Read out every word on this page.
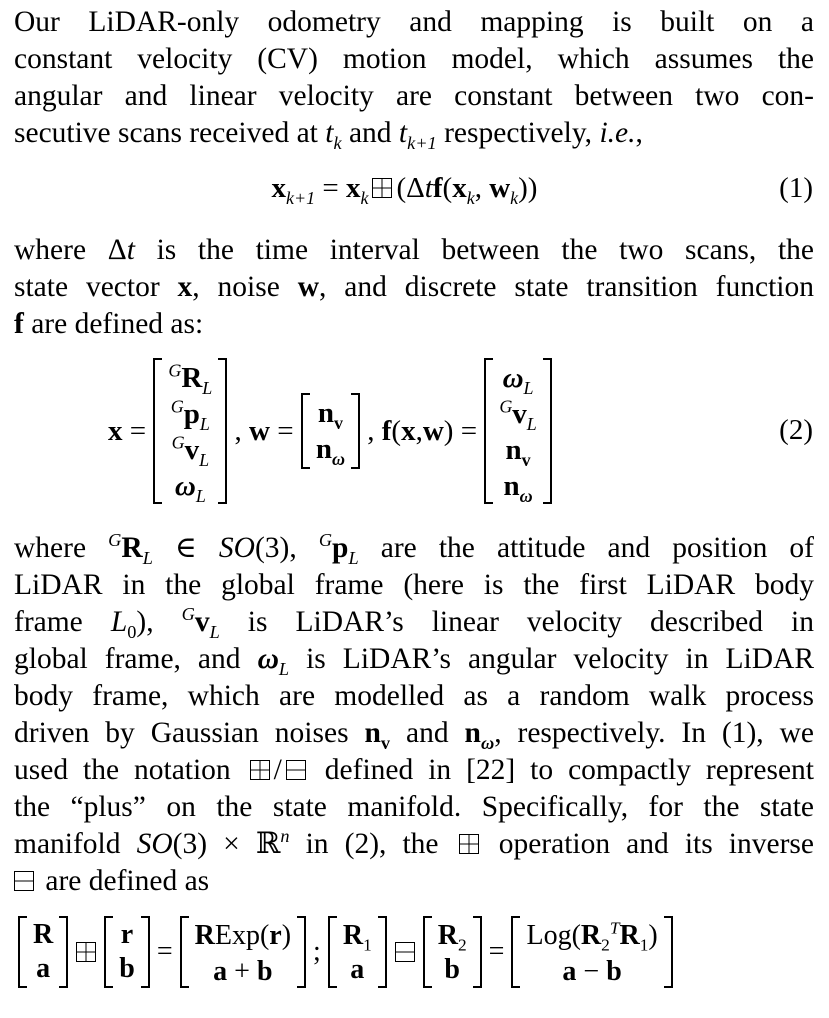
Our LiDAR-only odometry and mapping is built on a
constant velocity (CV) motion model, which assumes the
angular and linear velocity are constant between two con-
secutive scans received at $t_k$ and $t_{k+1}$ respectively, i.e.,
$x_{k+1} = x_k$ ($\Delta tf(x_k$, $w_k$))	(1)
where Δt is the time interval between the two scans, the
state vector x, noise w, and discrete state transition function
f are defined as:
x =
$^GR_L$
$^Gp_L$
$^Gv_L$
$\omega_L$
, w =
$n_v$
$n_\omega$
, f ( x , w ) =
$\omega_L$
$^Gv_L$
$n_v$
$n_\omega$
(2)
where $^GR_L$ ∈ SO(3), $^Gp_L$ are the attitude and position of
LiDAR in the global frame (here is the first LiDAR body
frame $L_0$), $^Gv_L$ is LiDAR’s linear velocity described in
global frame, and $\omega_L$ is LiDAR’s angular velocity in LiDAR
body frame, which are modelled as a random walk process
driven by Gaussian noises $n_v$ and $n_\omega$, respectively. In (1), we
used the notation / defined in [22] to compactly represent
the “plus” on the state manifold. Specifically, for the state
manifold SO(3) × ℝ$^n$ in (2), the  operation and its inverse
are defined as
R
a
r
b
=
RExp(r)
a + b

;

$R_1$
a
$R_2$
b
=
$Log(R_2^TR_1)$
a − b
